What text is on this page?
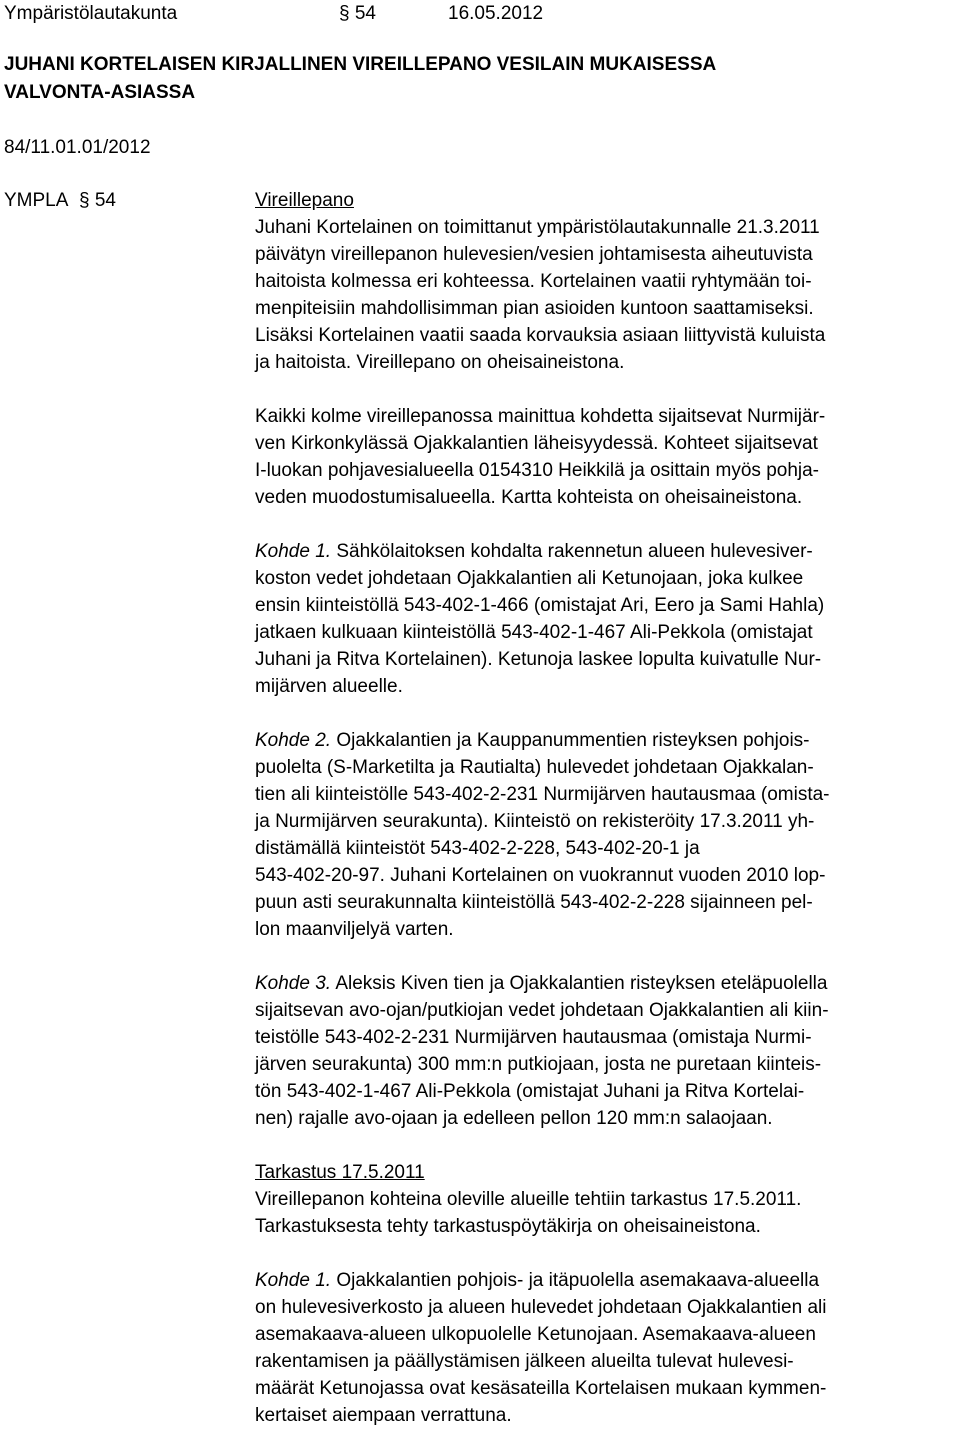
Ympäristölautakunta	§ 54	16.05.2012
JUHANI KORTELAISEN KIRJALLINEN VIREILLEPANO VESILAIN MUKAISESSA
VALVONTA-ASIASSA
84/11.01.01/2012
YMPLA § 54	Vireillepano
Juhani Kortelainen on toimittanut ympäristölautakunnalle 21.3.2011
päivätyn vireillepanon hulevesien/vesien johtamisesta aiheutuvista
haitoista kolmessa eri kohteessa. Kortelainen vaatii ryhtymään toi-
menpiteisiin mahdollisimman pian asioiden kuntoon saattamiseksi.
Lisäksi Kortelainen vaatii saada korvauksia asiaan liittyvistä kuluista
ja haitoista. Vireillepano on oheisaineistona.

Kaikki kolme vireillepanossa mainittua kohdetta sijaitsevat Nurmijär-
ven Kirkonkylässä Ojakkalantien läheisyydessä. Kohteet sijaitsevat
I-luokan pohjavesialueella 0154310 Heikkilä ja osittain myös pohja-
veden muodostumisalueella. Kartta kohteista on oheisaineistona.

Kohde 1. Sähkölaitoksen kohdalta rakennetun alueen hulevesiver-
koston vedet johdetaan Ojakkalantien ali Ketunojaan, joka kulkee
ensin kiinteistöllä 543-402-1-466 (omistajat Ari, Eero ja Sami Hahla)
jatkaen kulkuaan kiinteistöllä 543-402-1-467 Ali-Pekkola (omistajat
Juhani ja Ritva Kortelainen). Ketunoja laskee lopulta kuivatulle Nur-
mijärven alueelle.

Kohde 2. Ojakkalantien ja Kauppanummentien risteyksen pohjois-
puolelta (S-Marketilta ja Rautialta) hulevedet johdetaan Ojakkalan-
tien ali kiinteistölle 543-402-2-231 Nurmijärven hautausmaa (omista-
ja Nurmijärven seurakunta). Kiinteistö on rekisteröity 17.3.2011 yh-
distämällä kiinteistöt 543-402-2-228, 543-402-20-1 ja
543-402-20-97. Juhani Kortelainen on vuokrannut vuoden 2010 lop-
puun asti seurakunnalta kiinteistöllä 543-402-2-228 sijainneen pel-
lon maanviljelyä varten.

Kohde 3. Aleksis Kiven tien ja Ojakkalantien risteyksen eteläpuolella
sijaitsevan avo-ojan/putkiojan vedet johdetaan Ojakkalantien ali kiin-
teistölle 543-402-2-231 Nurmijärven hautausmaa (omistaja Nurmi-
järven seurakunta) 300 mm:n putkiojaan, josta ne puretaan kiinteis-
tön 543-402-1-467 Ali-Pekkola (omistajat Juhani ja Ritva Kortelai-
nen) rajalle avo-ojaan ja edelleen pellon 120 mm:n salaojaan.

Tarkastus 17.5.2011
Vireillepanon kohteina oleville alueille tehtiin tarkastus 17.5.2011.
Tarkastuksesta tehty tarkastuspöytäkirja on oheisaineistona.

Kohde 1. Ojakkalantien pohjois- ja itäpuolella asemakaava-alueella
on hulevesiverkosto ja alueen hulevedet johdetaan Ojakkalantien ali
asemakaava-alueen ulkopuolelle Ketunojaan. Asemakaava-alueen
rakentamisen ja päällystämisen jälkeen alueilta tulevat hulevesi-
määrät Ketunojassa ovat kesäsateilla Kortelaisen mukaan kymmen-
kertaiset aiempaan verrattuna.
